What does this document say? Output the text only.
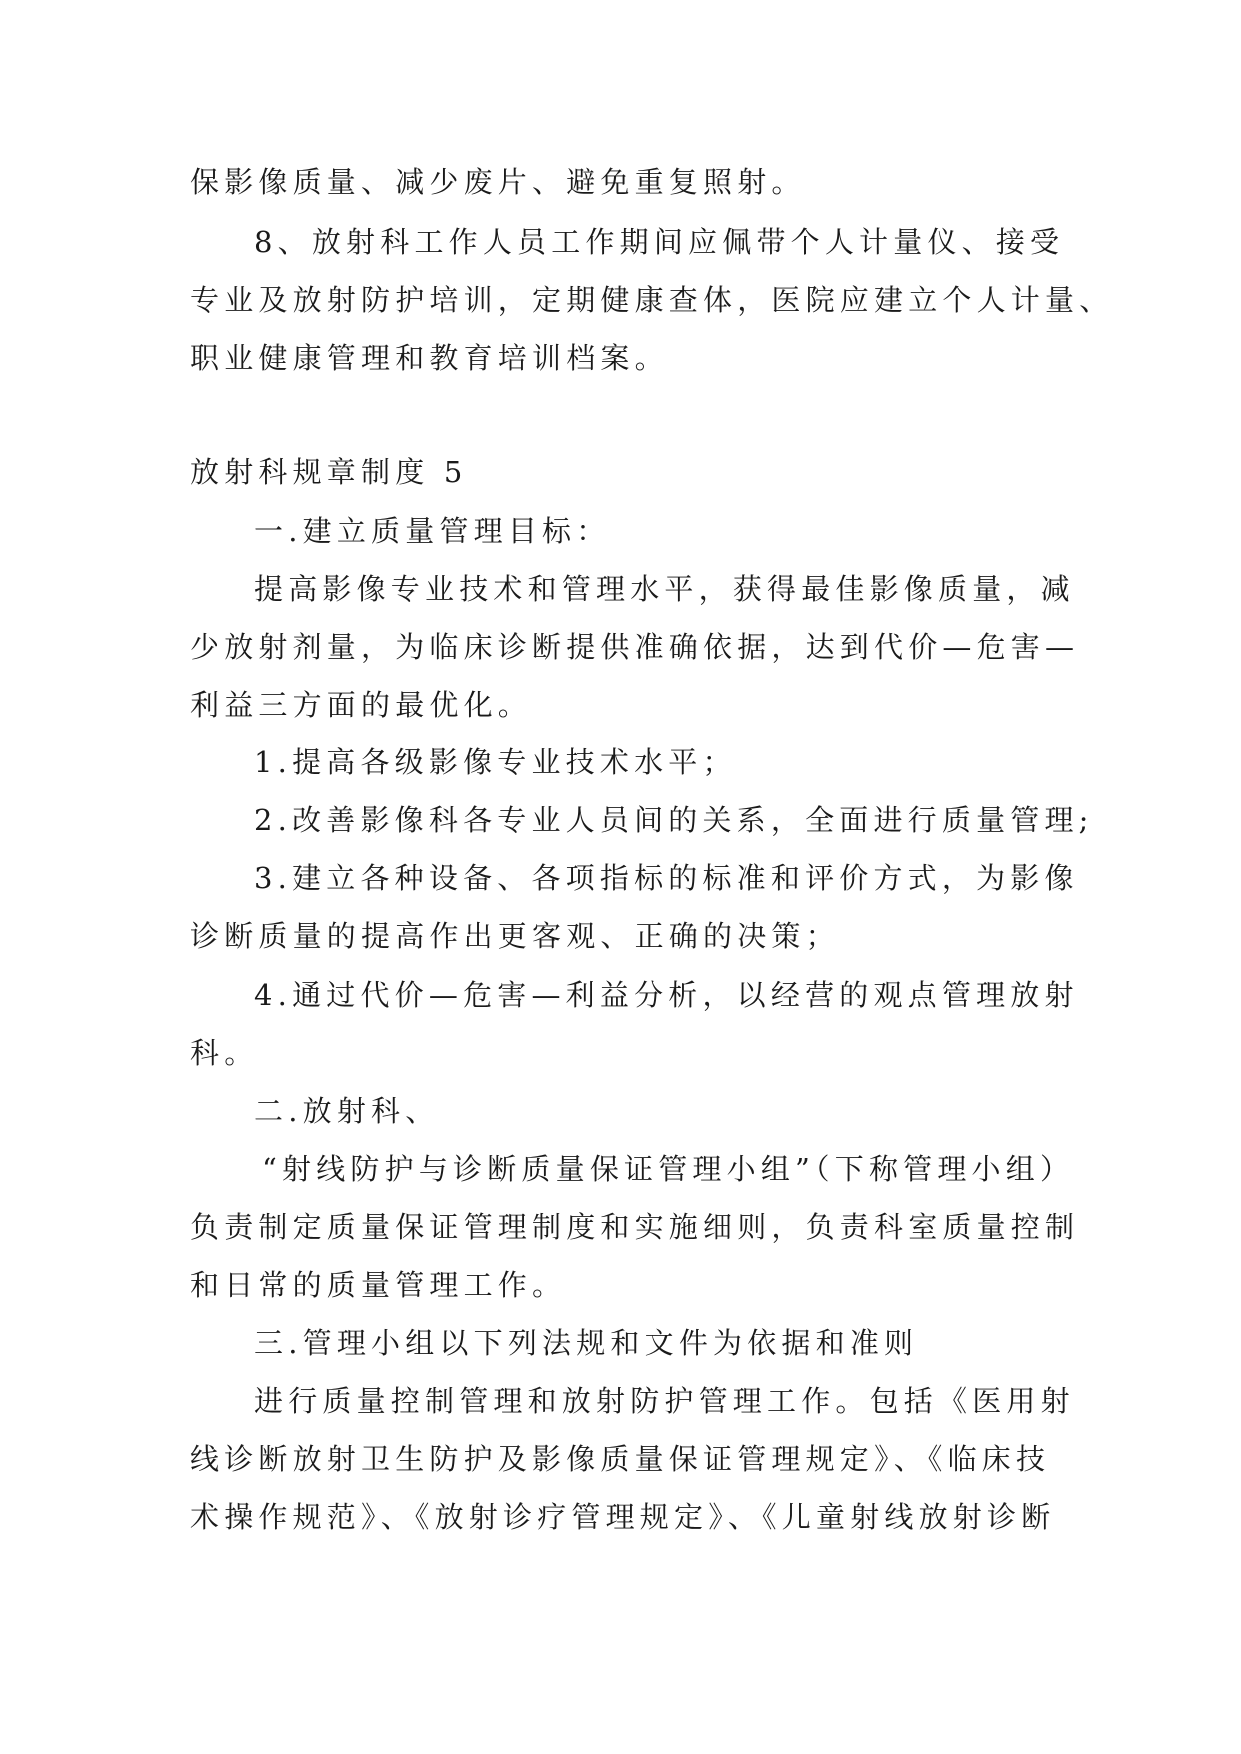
保影像质量、减少废片、避免重复照射。
8、放射科工作人员工作期间应佩带个人计量仪、接受
专业及放射防护培训，定期健康查体，医院应建立个人计量、
职业健康管理和教育培训档案。
放射科规章制度 5
一.建立质量管理目标：
提高影像专业技术和管理水平，获得最佳影像质量，减
少放射剂量，为临床诊断提供准确依据，达到代价—危害—
利益三方面的最优化。
1.提高各级影像专业技术水平；
2.改善影像科各专业人员间的关系，全面进行质量管理;
3.建立各种设备、各项指标的标准和评价方式，为影像
诊断质量的提高作出更客观、正确的决策；
4.通过代价—危害—利益分析，以经营的观点管理放射
科。
二.放射科、
“射线防护与诊断质量保证管理小组”（下称管理小组）
负责制定质量保证管理制度和实施细则，负责科室质量控制
和日常的质量管理工作。
三.管理小组以下列法规和文件为依据和准则
进行质量控制管理和放射防护管理工作。包括《医用射
线诊断放射卫生防护及影像质量保证管理规定》、《临床技
术操作规范》、《放射诊疗管理规定》、《儿童射线放射诊断
